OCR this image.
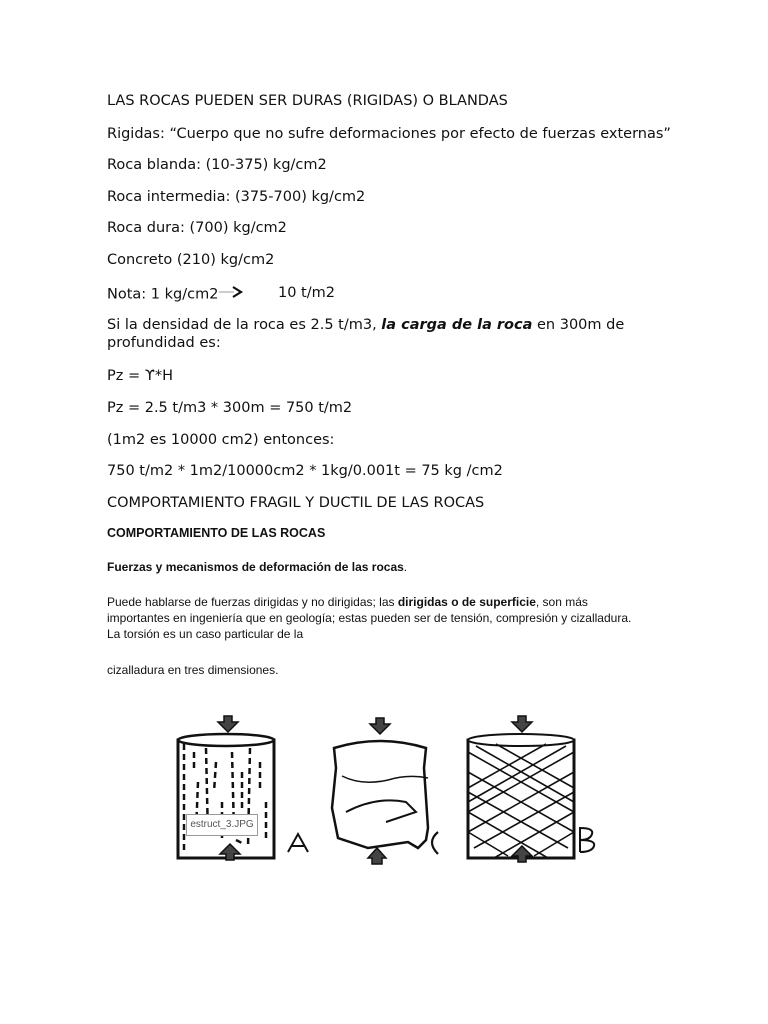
LAS ROCAS PUEDEN SER DURAS (RIGIDAS) O BLANDAS
Rigidas: “Cuerpo que no sufre deformaciones por efecto de fuerzas externas”
Roca blanda: (10-375) kg/cm2
Roca intermedia: (375-700) kg/cm2
Roca dura: (700) kg/cm2
Concreto (210) kg/cm2
Nota: 1 kg/cm2	10 t/m2
Si la densidad de la roca es 2.5 t/m3, la carga de la roca en 300m de
profundidad es:
Pz = ϒ*H
Pz = 2.5 t/m3 * 300m = 750 t/m2
(1m2 es 10000 cm2) entonces:
750 t/m2 * 1m2/10000cm2 * 1kg/0.001t = 75 kg /cm2
COMPORTAMIENTO FRAGIL Y DUCTIL DE LAS ROCAS
COMPORTAMIENTO DE LAS ROCAS
Fuerzas y mecanismos de deformación de las rocas.
Puede hablarse de fuerzas dirigidas y no dirigidas; las dirigidas o de superficie, son más
importantes en ingeniería que en geología; estas pueden ser de tensión, compresión y cizalladura.
La torsión es un caso particular de la
cizalladura en tres dimensiones.
estruct_3.JPG
